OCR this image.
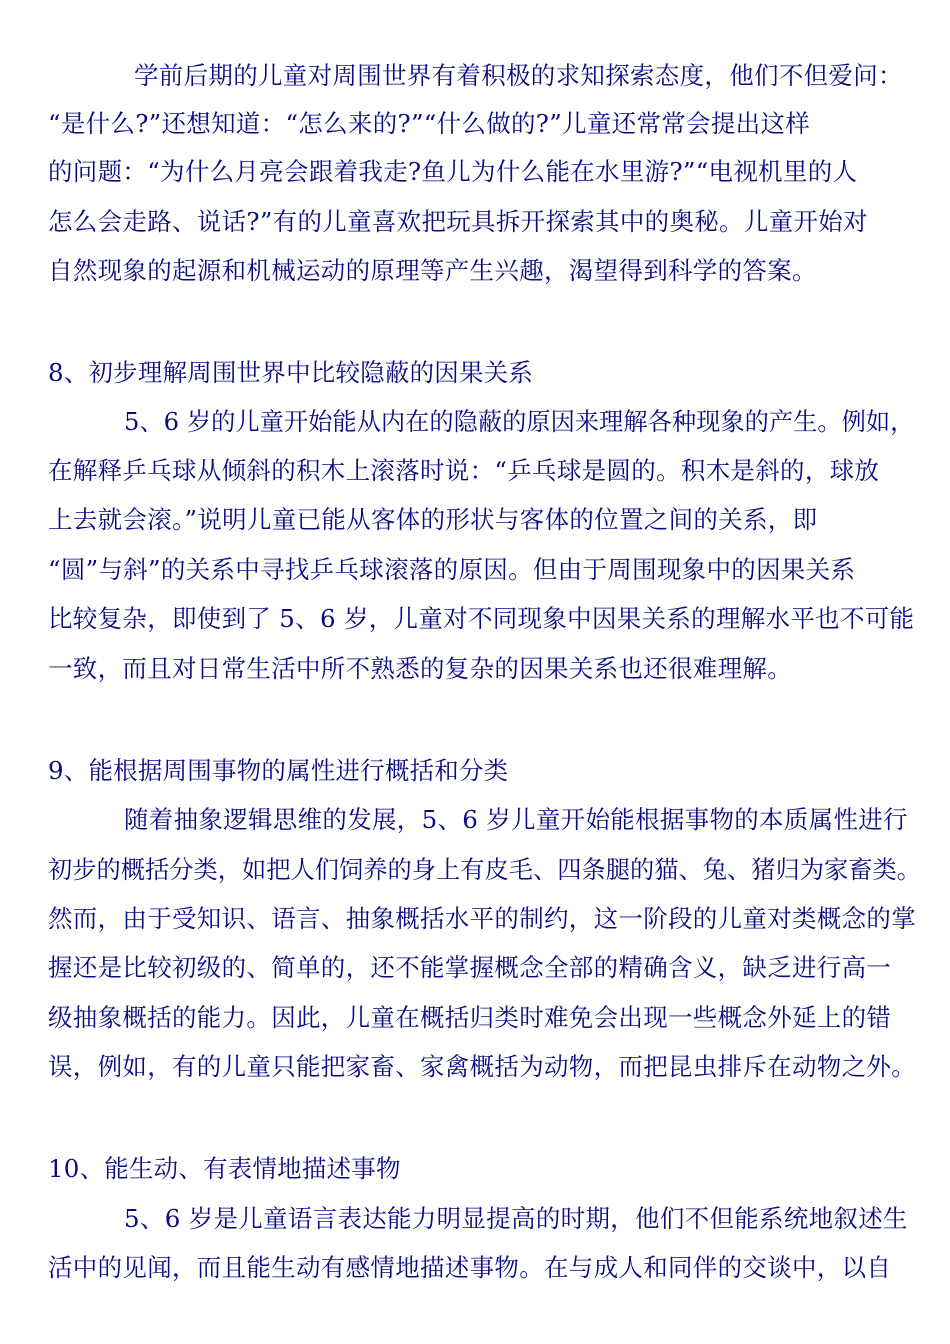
学前后期的儿童对周围世界有着积极的求知探索态度，他们不但爱问：
“是什么?”还想知道：“怎么来的?”“什么做的?”儿童还常常会提出这样
的问题：“为什么月亮会跟着我走?鱼儿为什么能在水里游?”“电视机里的人
怎么会走路、说话?”有的儿童喜欢把玩具拆开探索其中的奥秘。儿童开始对
自然现象的起源和机械运动的原理等产生兴趣，渴望得到科学的答案。
8、初步理解周围世界中比较隐蔽的因果关系
5、6 岁的儿童开始能从内在的隐蔽的原因来理解各种现象的产生。例如，
在解释乒乓球从倾斜的积木上滚落时说：“乒乓球是圆的。积木是斜的，球放
上去就会滚。”说明儿童已能从客体的形状与客体的位置之间的关系，即
“圆”与斜”的关系中寻找乒乓球滚落的原因。但由于周围现象中的因果关系
比较复杂，即使到了 5、6 岁，儿童对不同现象中因果关系的理解水平也不可能
一致，而且对日常生活中所不熟悉的复杂的因果关系也还很难理解。
9、能根据周围事物的属性进行概括和分类
随着抽象逻辑思维的发展，5、6 岁儿童开始能根据事物的本质属性进行
初步的概括分类，如把人们饲养的身上有皮毛、四条腿的猫、兔、猪归为家畜类。
然而，由于受知识、语言、抽象概括水平的制约，这一阶段的儿童对类概念的掌
握还是比较初级的、简单的，还不能掌握概念全部的精确含义，缺乏进行高一
级抽象概括的能力。因此，儿童在概括归类时难免会出现一些概念外延上的错
误，例如，有的儿童只能把家畜、家禽概括为动物，而把昆虫排斥在动物之外。
10、能生动、有表情地描述事物
5、6 岁是儿童语言表达能力明显提高的时期，他们不但能系统地叙述生
活中的见闻，而且能生动有感情地描述事物。在与成人和同伴的交谈中，以自
